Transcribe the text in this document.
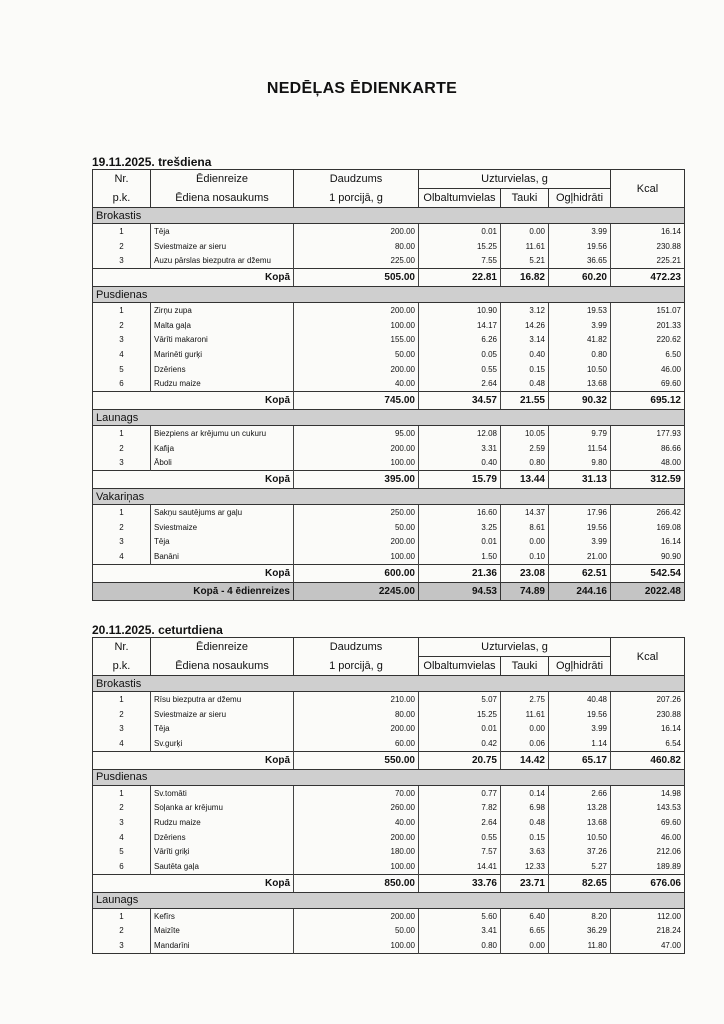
NEDĒĻAS ĒDIENKARTE
19.11.2025. trešdiena
Nr.	Ēdienreize	Daudzums	Uzturvielas, g			Kcal
p.k.	Ēdiena nosaukums	1 porcijā, g	Olbaltumvielas	Tauki	Ogļhidrāti	
Brokastis						
1	Tēja	200.00	0.01	0.00	3.99	16.14
2	Sviestmaize ar sieru	80.00	15.25	11.61	19.56	230.88
3	Auzu pārslas biezputra ar džemu	225.00	7.55	5.21	36.65	225.21
Kopā		505.00	22.81	16.82	60.20	472.23
Pusdienas						
1	Zirņu zupa	200.00	10.90	3.12	19.53	151.07
2	Malta gaļa	100.00	14.17	14.26	3.99	201.33
3	Vārīti makaroni	155.00	6.26	3.14	41.82	220.62
4	Marinēti gurķi	50.00	0.05	0.40	0.80	6.50
5	Dzēriens	200.00	0.55	0.15	10.50	46.00
6	Rudzu maize	40.00	2.64	0.48	13.68	69.60
Kopā		745.00	34.57	21.55	90.32	695.12
Launags						
1	Biezpiens ar krējumu un cukuru	95.00	12.08	10.05	9.79	177.93
2	Kafija	200.00	3.31	2.59	11.54	86.66
3	Āboli	100.00	0.40	0.80	9.80	48.00
Kopā		395.00	15.79	13.44	31.13	312.59
Vakariņas						
1	Sakņu sautējums ar gaļu	250.00	16.60	14.37	17.96	266.42
2	Sviestmaize	50.00	3.25	8.61	19.56	169.08
3	Tēja	200.00	0.01	0.00	3.99	16.14
4	Banāni	100.00	1.50	0.10	21.00	90.90
Kopā		600.00	21.36	23.08	62.51	542.54
Kopā - 4 ēdienreizes		2245.00	94.53	74.89	244.16	2022.48
20.11.2025. ceturtdiena
Nr.	Ēdienreize	Daudzums	Uzturvielas, g			Kcal
p.k.	Ēdiena nosaukums	1 porcijā, g	Olbaltumvielas	Tauki	Ogļhidrāti	
Brokastis						
1	Rīsu biezputra ar džemu	210.00	5.07	2.75	40.48	207.26
2	Sviestmaize ar sieru	80.00	15.25	11.61	19.56	230.88
3	Tēja	200.00	0.01	0.00	3.99	16.14
4	Sv.gurķi	60.00	0.42	0.06	1.14	6.54
Kopā		550.00	20.75	14.42	65.17	460.82
Pusdienas						
1	Sv.tomāti	70.00	0.77	0.14	2.66	14.98
2	Soļanka ar krējumu	260.00	7.82	6.98	13.28	143.53
3	Rudzu maize	40.00	2.64	0.48	13.68	69.60
4	Dzēriens	200.00	0.55	0.15	10.50	46.00
5	Vārīti griķi	180.00	7.57	3.63	37.26	212.06
6	Sautēta gaļa	100.00	14.41	12.33	5.27	189.89
Kopā		850.00	33.76	23.71	82.65	676.06
Launags						
1	Kefīrs	200.00	5.60	6.40	8.20	112.00
2	Maizīte	50.00	3.41	6.65	36.29	218.24
3	Mandarīni	100.00	0.80	0.00	11.80	47.00
